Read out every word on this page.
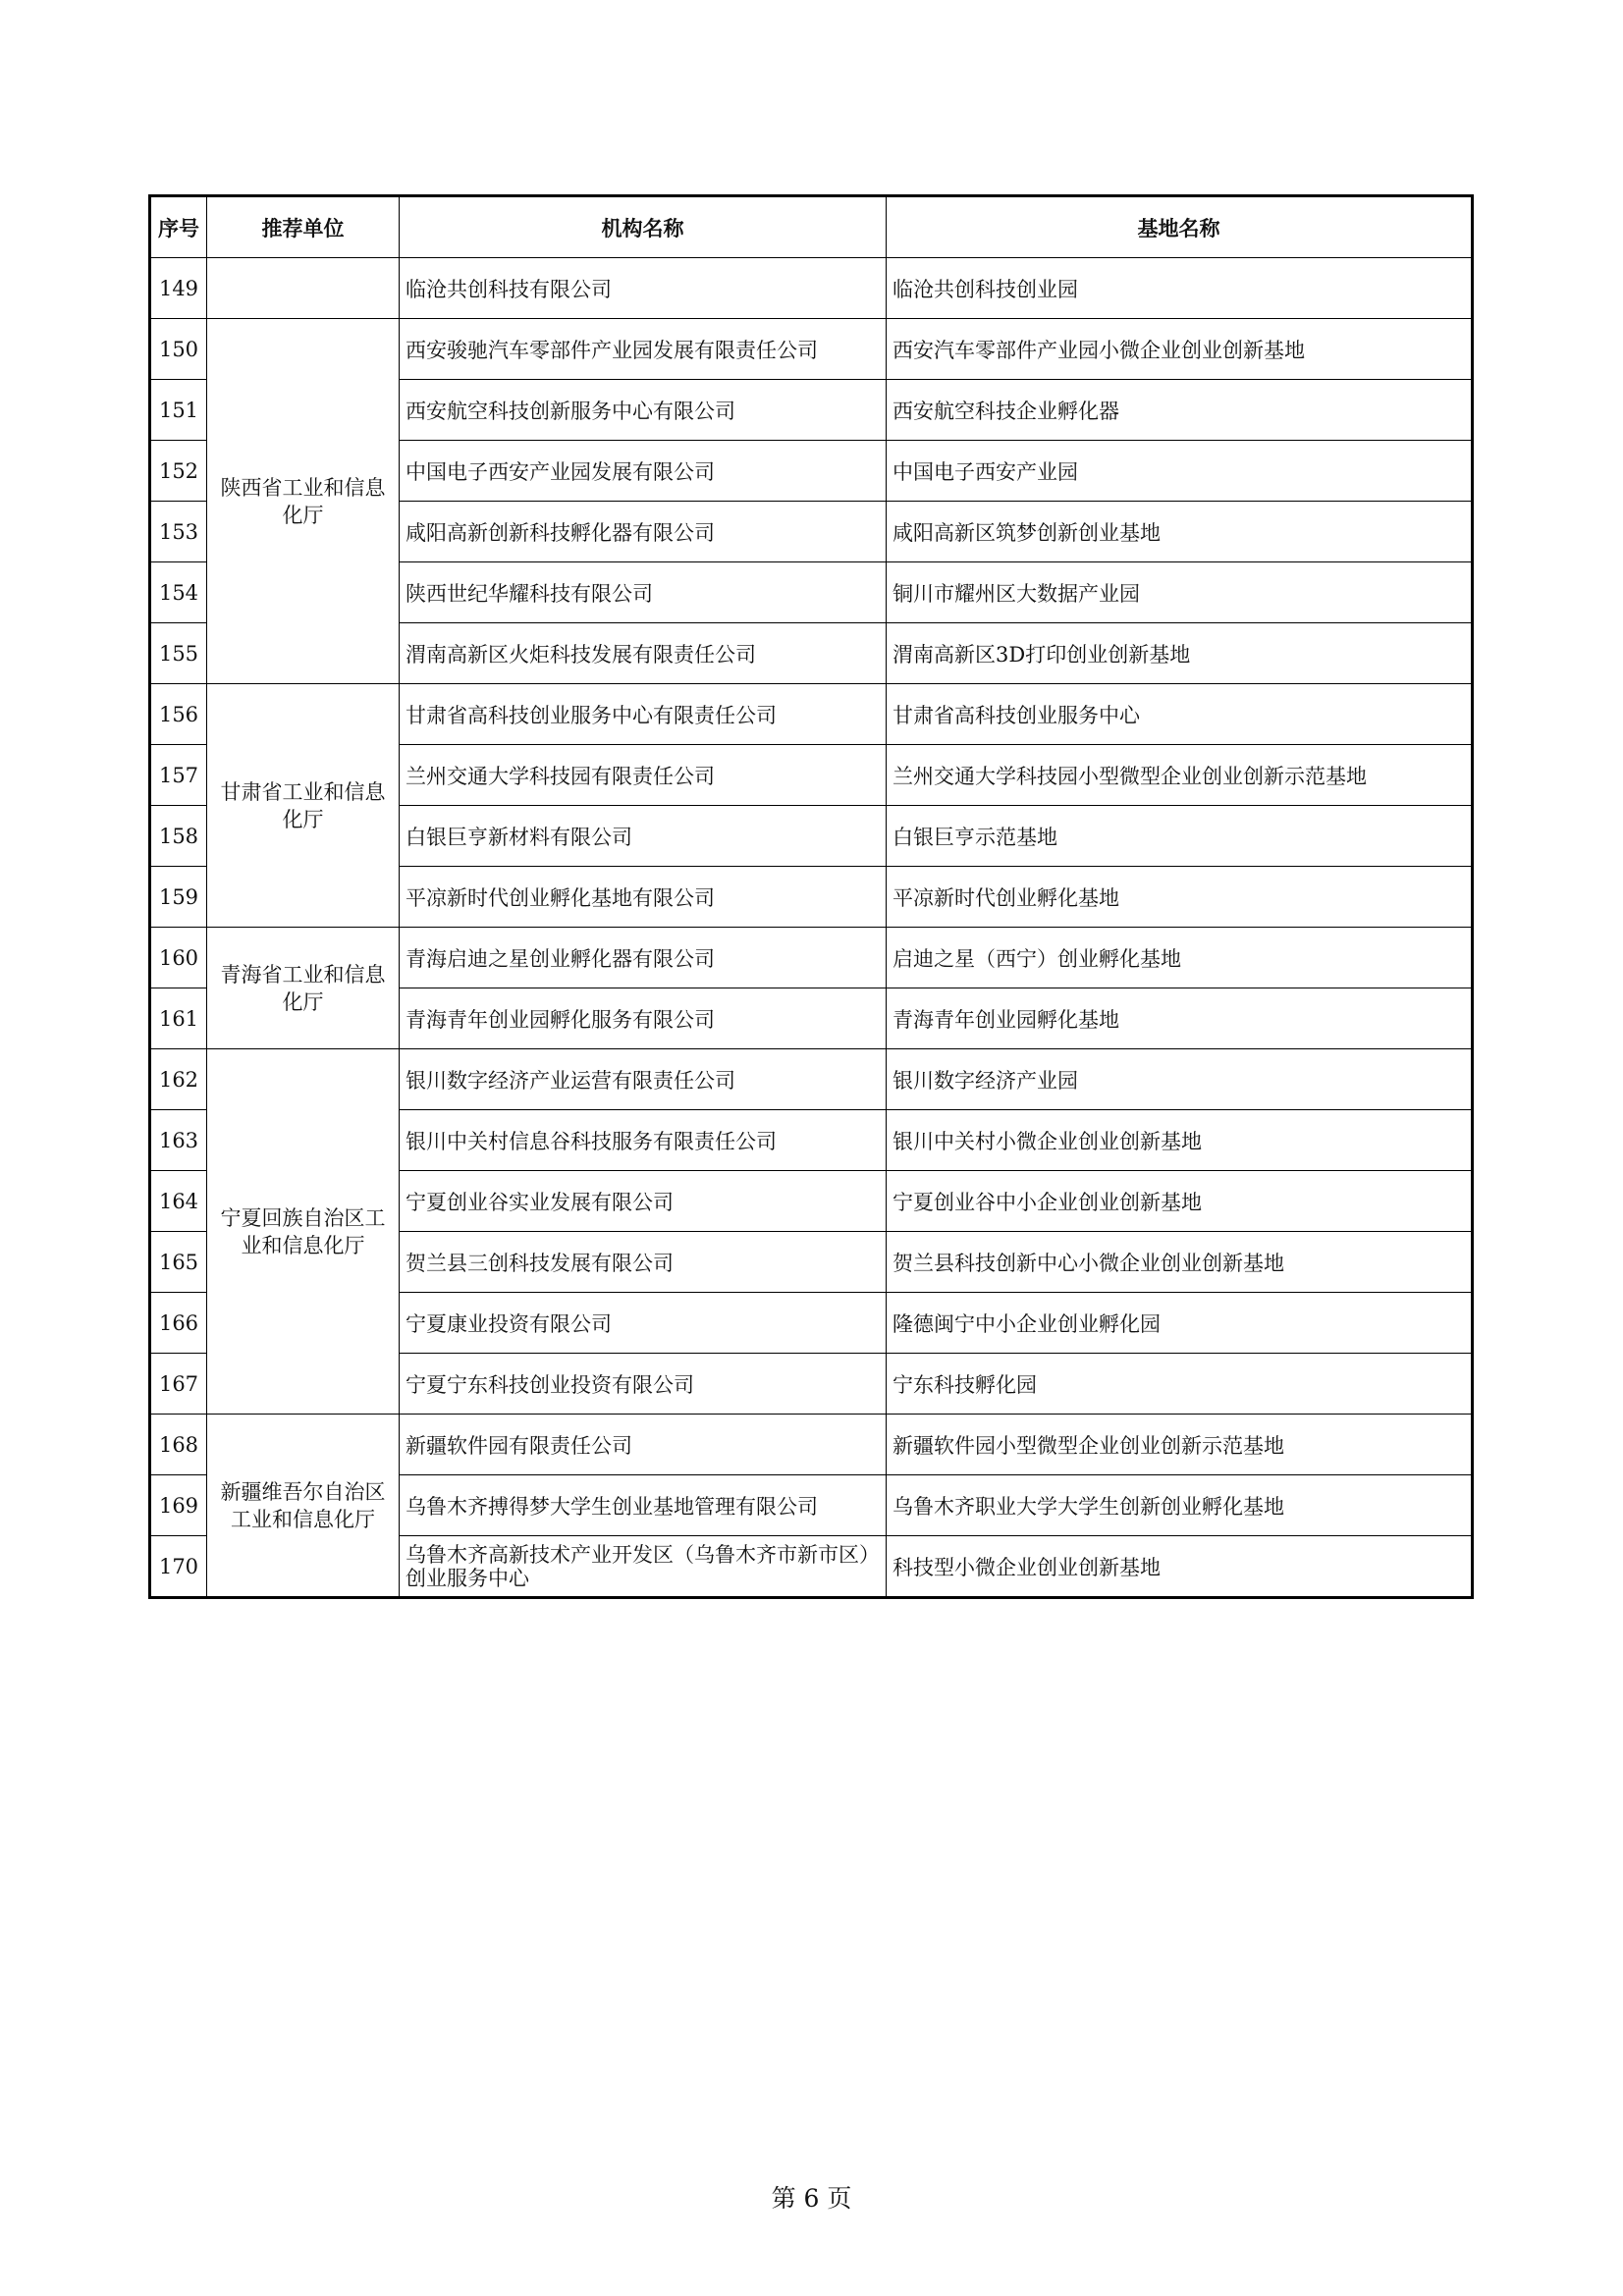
序号	推荐单位	机构名称	基地名称
149		临沧共创科技有限公司	临沧共创科技创业园
150	陕西省工业和信息化厅	西安骏驰汽车零部件产业园发展有限责任公司	西安汽车零部件产业园小微企业创业创新基地
151		西安航空科技创新服务中心有限公司	西安航空科技企业孵化器
152		中国电子西安产业园发展有限公司	中国电子西安产业园
153		咸阳高新创新科技孵化器有限公司	咸阳高新区筑梦创新创业基地
154		陕西世纪华耀科技有限公司	铜川市耀州区大数据产业园
155		渭南高新区火炬科技发展有限责任公司	渭南高新区3D打印创业创新基地
156	甘肃省工业和信息化厅	甘肃省高科技创业服务中心有限责任公司	甘肃省高科技创业服务中心
157		兰州交通大学科技园有限责任公司	兰州交通大学科技园小型微型企业创业创新示范基地
158		白银巨亨新材料有限公司	白银巨亨示范基地
159		平凉新时代创业孵化基地有限公司	平凉新时代创业孵化基地
160	青海省工业和信息化厅	青海启迪之星创业孵化器有限公司	启迪之星（西宁）创业孵化基地
161		青海青年创业园孵化服务有限公司	青海青年创业园孵化基地
162	宁夏回族自治区工业和信息化厅	银川数字经济产业运营有限责任公司	银川数字经济产业园
163		银川中关村信息谷科技服务有限责任公司	银川中关村小微企业创业创新基地
164		宁夏创业谷实业发展有限公司	宁夏创业谷中小企业创业创新基地
165		贺兰县三创科技发展有限公司	贺兰县科技创新中心小微企业创业创新基地
166		宁夏康业投资有限公司	隆德闽宁中小企业创业孵化园
167		宁夏宁东科技创业投资有限公司	宁东科技孵化园
168	新疆维吾尔自治区工业和信息化厅	新疆软件园有限责任公司	新疆软件园小型微型企业创业创新示范基地
169		乌鲁木齐搏得梦大学生创业基地管理有限公司	乌鲁木齐职业大学大学生创新创业孵化基地
170		乌鲁木齐高新技术产业开发区（乌鲁木齐市新市区）创业服务中心	科技型小微企业创业创新基地
第 6 页
